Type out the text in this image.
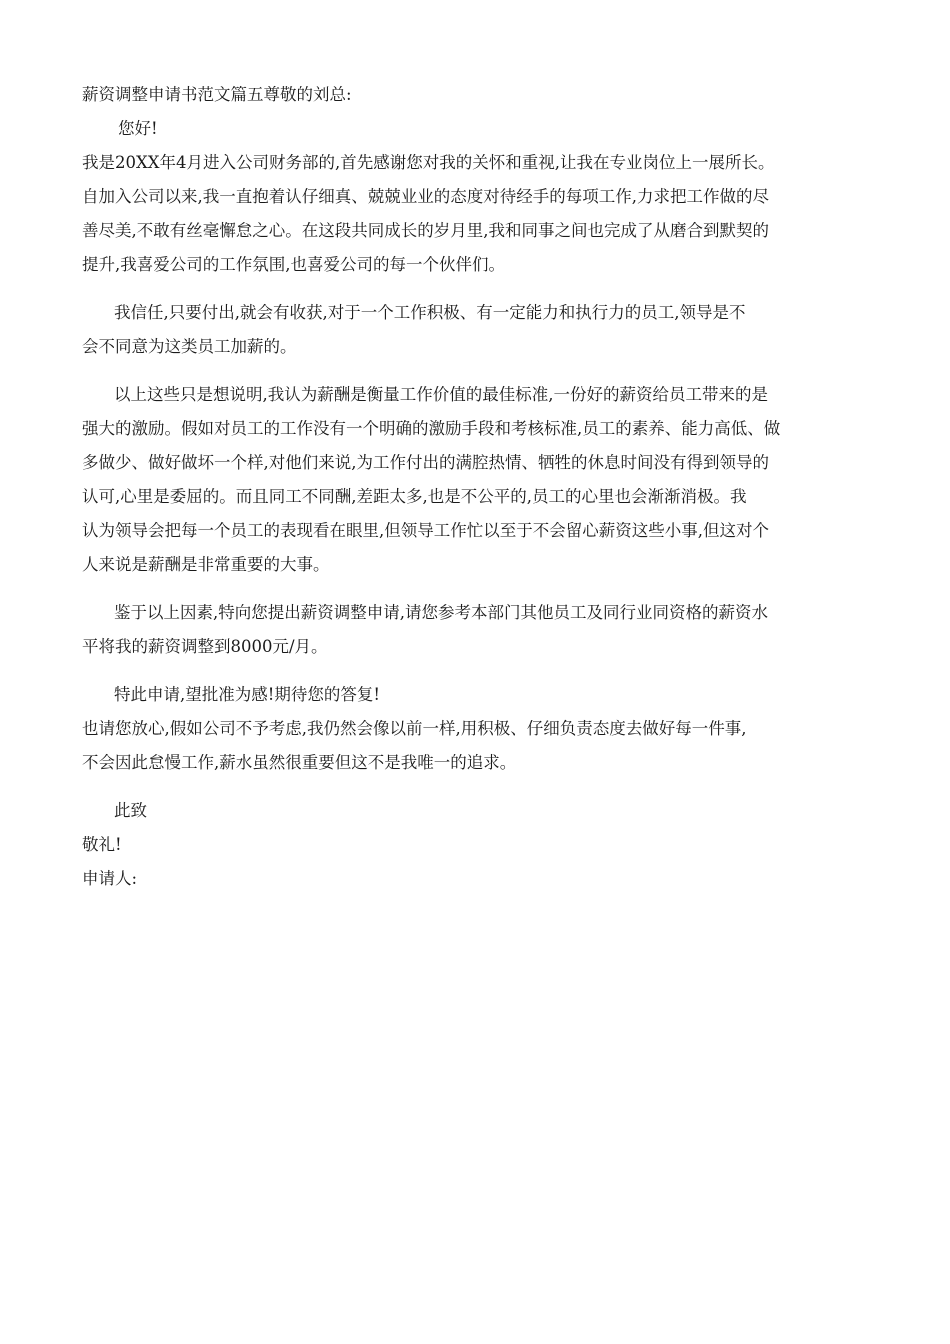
薪资调整申请书范文篇五尊敬的刘总:
您好!
我是20XX年4月进入公司财务部的,首先感谢您对我的关怀和重视,让我在专业岗位上一展所长。
自加入公司以来,我一直抱着认仔细真、兢兢业业的态度对待经手的每项工作,力求把工作做的尽
善尽美,不敢有丝毫懈怠之心。在这段共同成长的岁月里,我和同事之间也完成了从磨合到默契的
提升,我喜爱公司的工作氛围,也喜爱公司的每一个伙伴们。
我信任,只要付出,就会有收获,对于一个工作积极、有一定能力和执行力的员工,领导是不
会不同意为这类员工加薪的。
以上这些只是想说明,我认为薪酬是衡量工作价值的最佳标准,一份好的薪资给员工带来的是
强大的激励。假如对员工的工作没有一个明确的激励手段和考核标准,员工的素养、能力高低、做
多做少、做好做坏一个样,对他们来说,为工作付出的满腔热情、牺牲的休息时间没有得到领导的
认可,心里是委屈的。而且同工不同酬,差距太多,也是不公平的,员工的心里也会渐渐消极。我
认为领导会把每一个员工的表现看在眼里,但领导工作忙以至于不会留心薪资这些小事,但这对个
人来说是薪酬是非常重要的大事。
鉴于以上因素,特向您提出薪资调整申请,请您参考本部门其他员工及同行业同资格的薪资水
平将我的薪资调整到8000元/月。
特此申请,望批准为感!期待您的答复!
也请您放心,假如公司不予考虑,我仍然会像以前一样,用积极、仔细负责态度去做好每一件事,
不会因此怠慢工作,薪水虽然很重要但这不是我唯一的追求。
此致
敬礼!
申请人:
